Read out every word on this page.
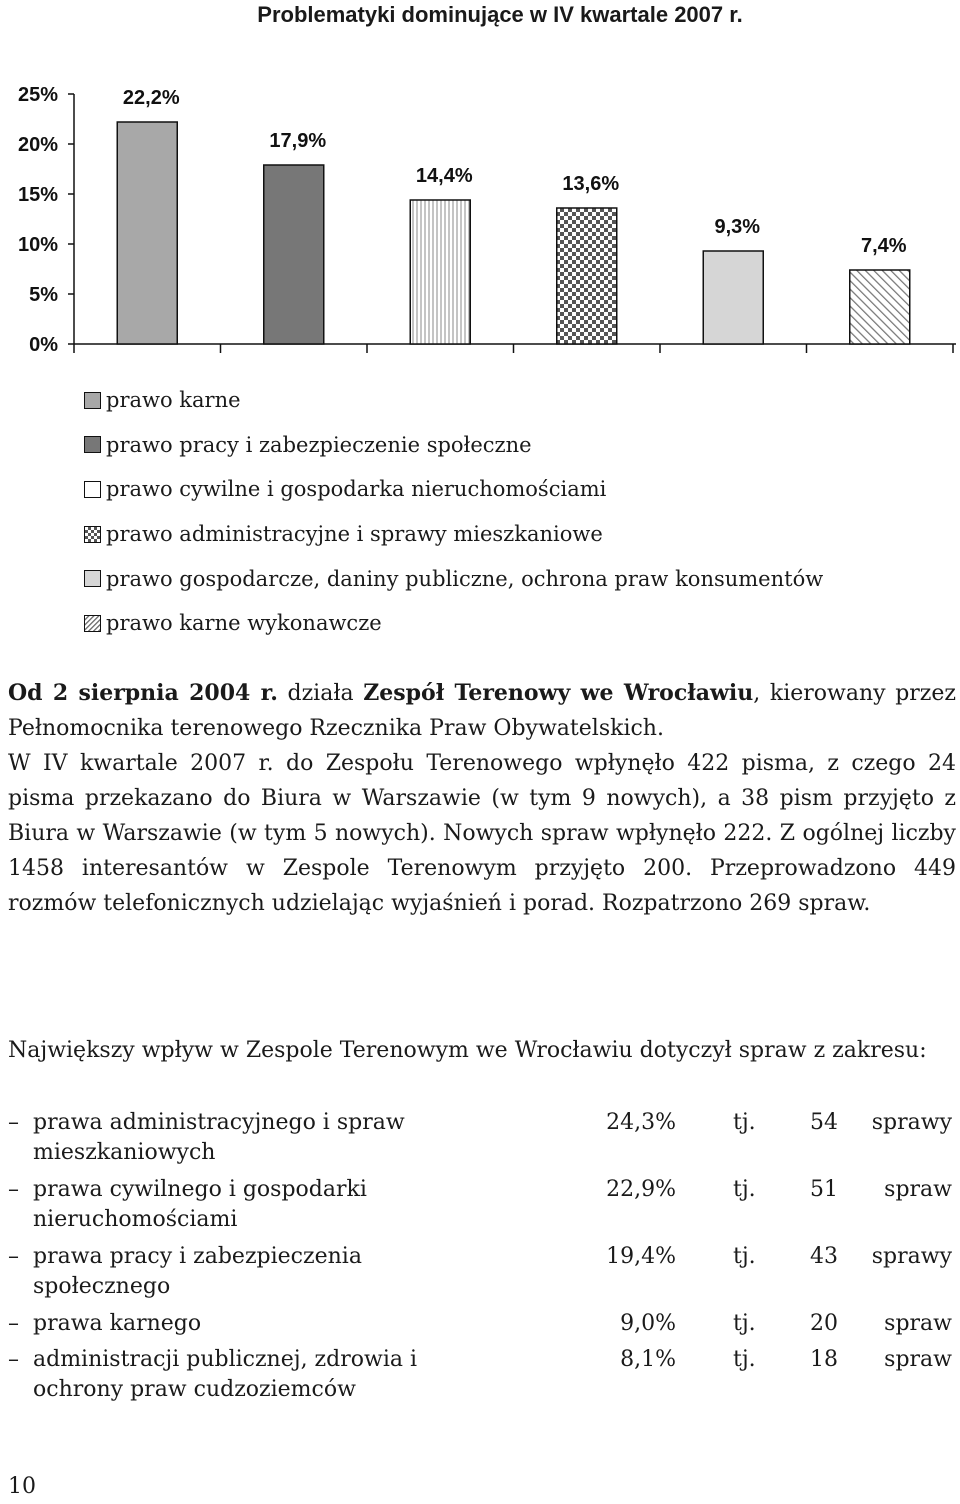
Problematyki dominujące w IV kwartale 2007 r.
25%
20%
15%
10%
5%
0%
22,2%
17,9%
14,4%	13,6%
9,3%
7,4%
prawo karne
prawo pracy i zabezpieczenie społeczne
prawo cywilne i gospodarka nieruchomościami
prawo administracyjne i sprawy mieszkaniowe
prawo gospodarcze, daniny publiczne, ochrona praw konsumentów
prawo karne wykonawcze
Od 2 sierpnia 2004 r. działa Zespół Terenowy we Wrocławiu, kierowany przez Pełnomocnika terenowego Rzecznika Praw Obywatelskich.
W IV kwartale 2007 r. do Zespołu Terenowego wpłynęło 422 pisma, z czego 24 pisma przekazano do Biura w Warszawie (w tym 9 nowych), a 38 pism przyjęto z Biura w Warszawie (w tym 5 nowych). Nowych spraw wpłynęło 222. Z ogólnej liczby 1458 interesantów w Zespole Terenowym przyjęto 200. Przeprowadzono 449 rozmów telefonicznych udzielając wyjaśnień i porad. Rozpatrzono 269 spraw.
Największy wpływ w Zespole Terenowym we Wrocławiu dotyczył spraw z zakresu:
– prawa administracyjnego i spraw mieszkaniowych
24,3%	tj. 54 sprawy
– prawa cywilnego i gospodarki nieruchomościami
22,9%	tj. 51 spraw
– prawa pracy i zabezpieczenia społecznego
19,4%	tj. 43 sprawy
– prawa karnego	9,0%	tj. 20 spraw
– administracji publicznej, zdrowia i ochrony praw cudzoziemców
8,1%	tj. 18 spraw
10
